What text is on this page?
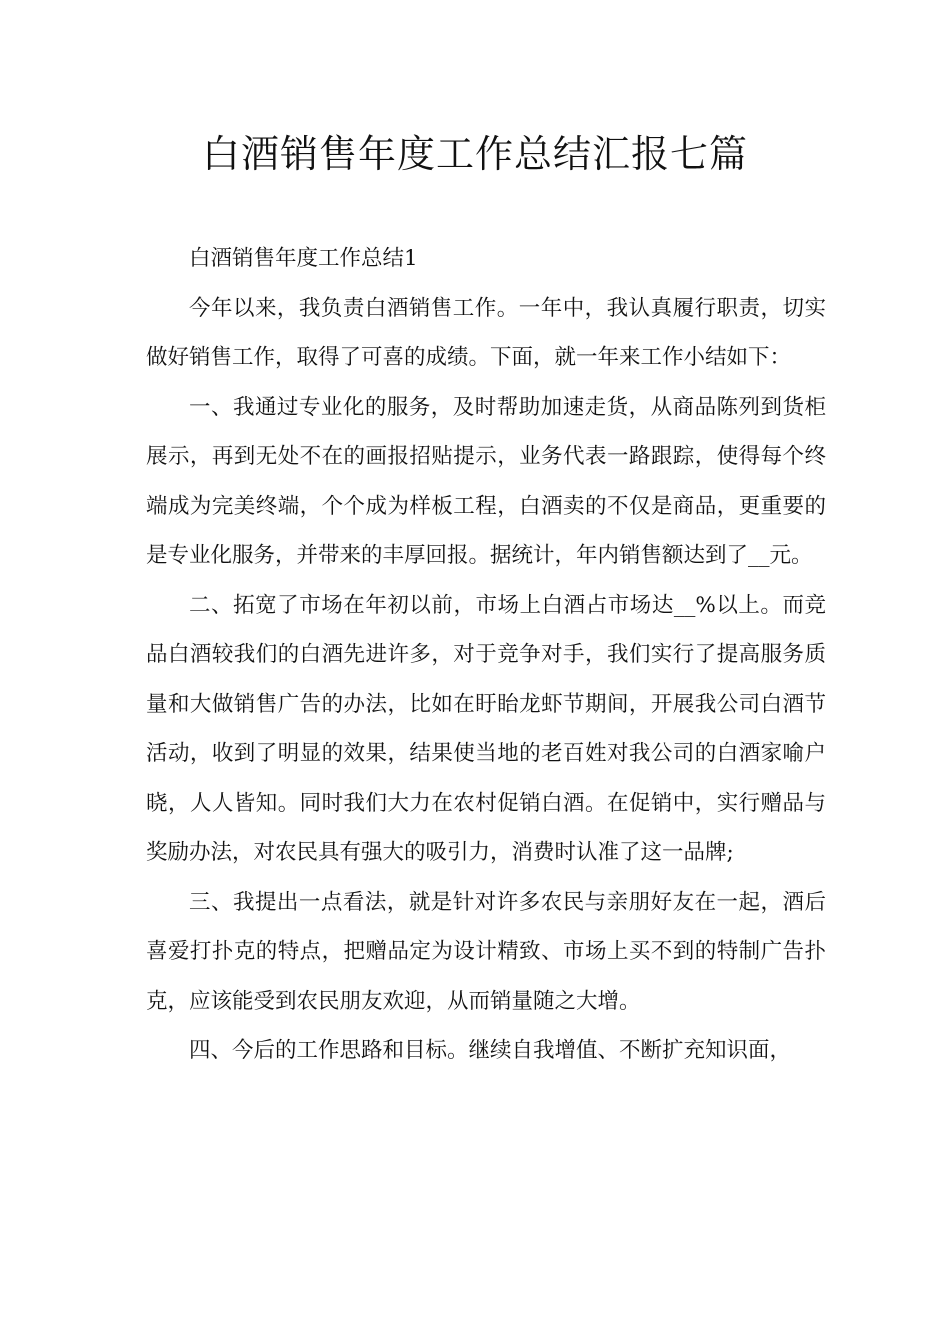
白酒销售年度工作总结汇报七篇

白酒销售年度工作总结1

今年以来，我负责白酒销售工作。一年中，我认真履行职责，切实做好销售工作，取得了可喜的成绩。下面，就一年来工作小结如下：

一、我通过专业化的服务，及时帮助加速走货，从商品陈列到货柜展示，再到无处不在的画报招贴提示，业务代表一路跟踪，使得每个终端成为完美终端，个个成为样板工程，白酒卖的不仅是商品，更重要的是专业化服务，并带来的丰厚回报。据统计，年内销售额达到了__元。

二、拓宽了市场在年初以前，市场上白酒占市场达__%以上。而竞品白酒较我们的白酒先进许多，对于竞争对手，我们实行了提高服务质量和大做销售广告的办法，比如在盱眙龙虾节期间，开展我公司白酒节活动，收到了明显的效果，结果使当地的老百姓对我公司的白酒家喻户晓，人人皆知。同时我们大力在农村促销白酒。在促销中，实行赠品与奖励办法，对农民具有强大的吸引力，消费时认准了这一品牌;

三、我提出一点看法，就是针对许多农民与亲朋好友在一起，酒后喜爱打扑克的特点，把赠品定为设计精致、市场上买不到的特制广告扑克，应该能受到农民朋友欢迎，从而销量随之大增。

四、今后的工作思路和目标。继续自我增值、不断扩充知识面，
